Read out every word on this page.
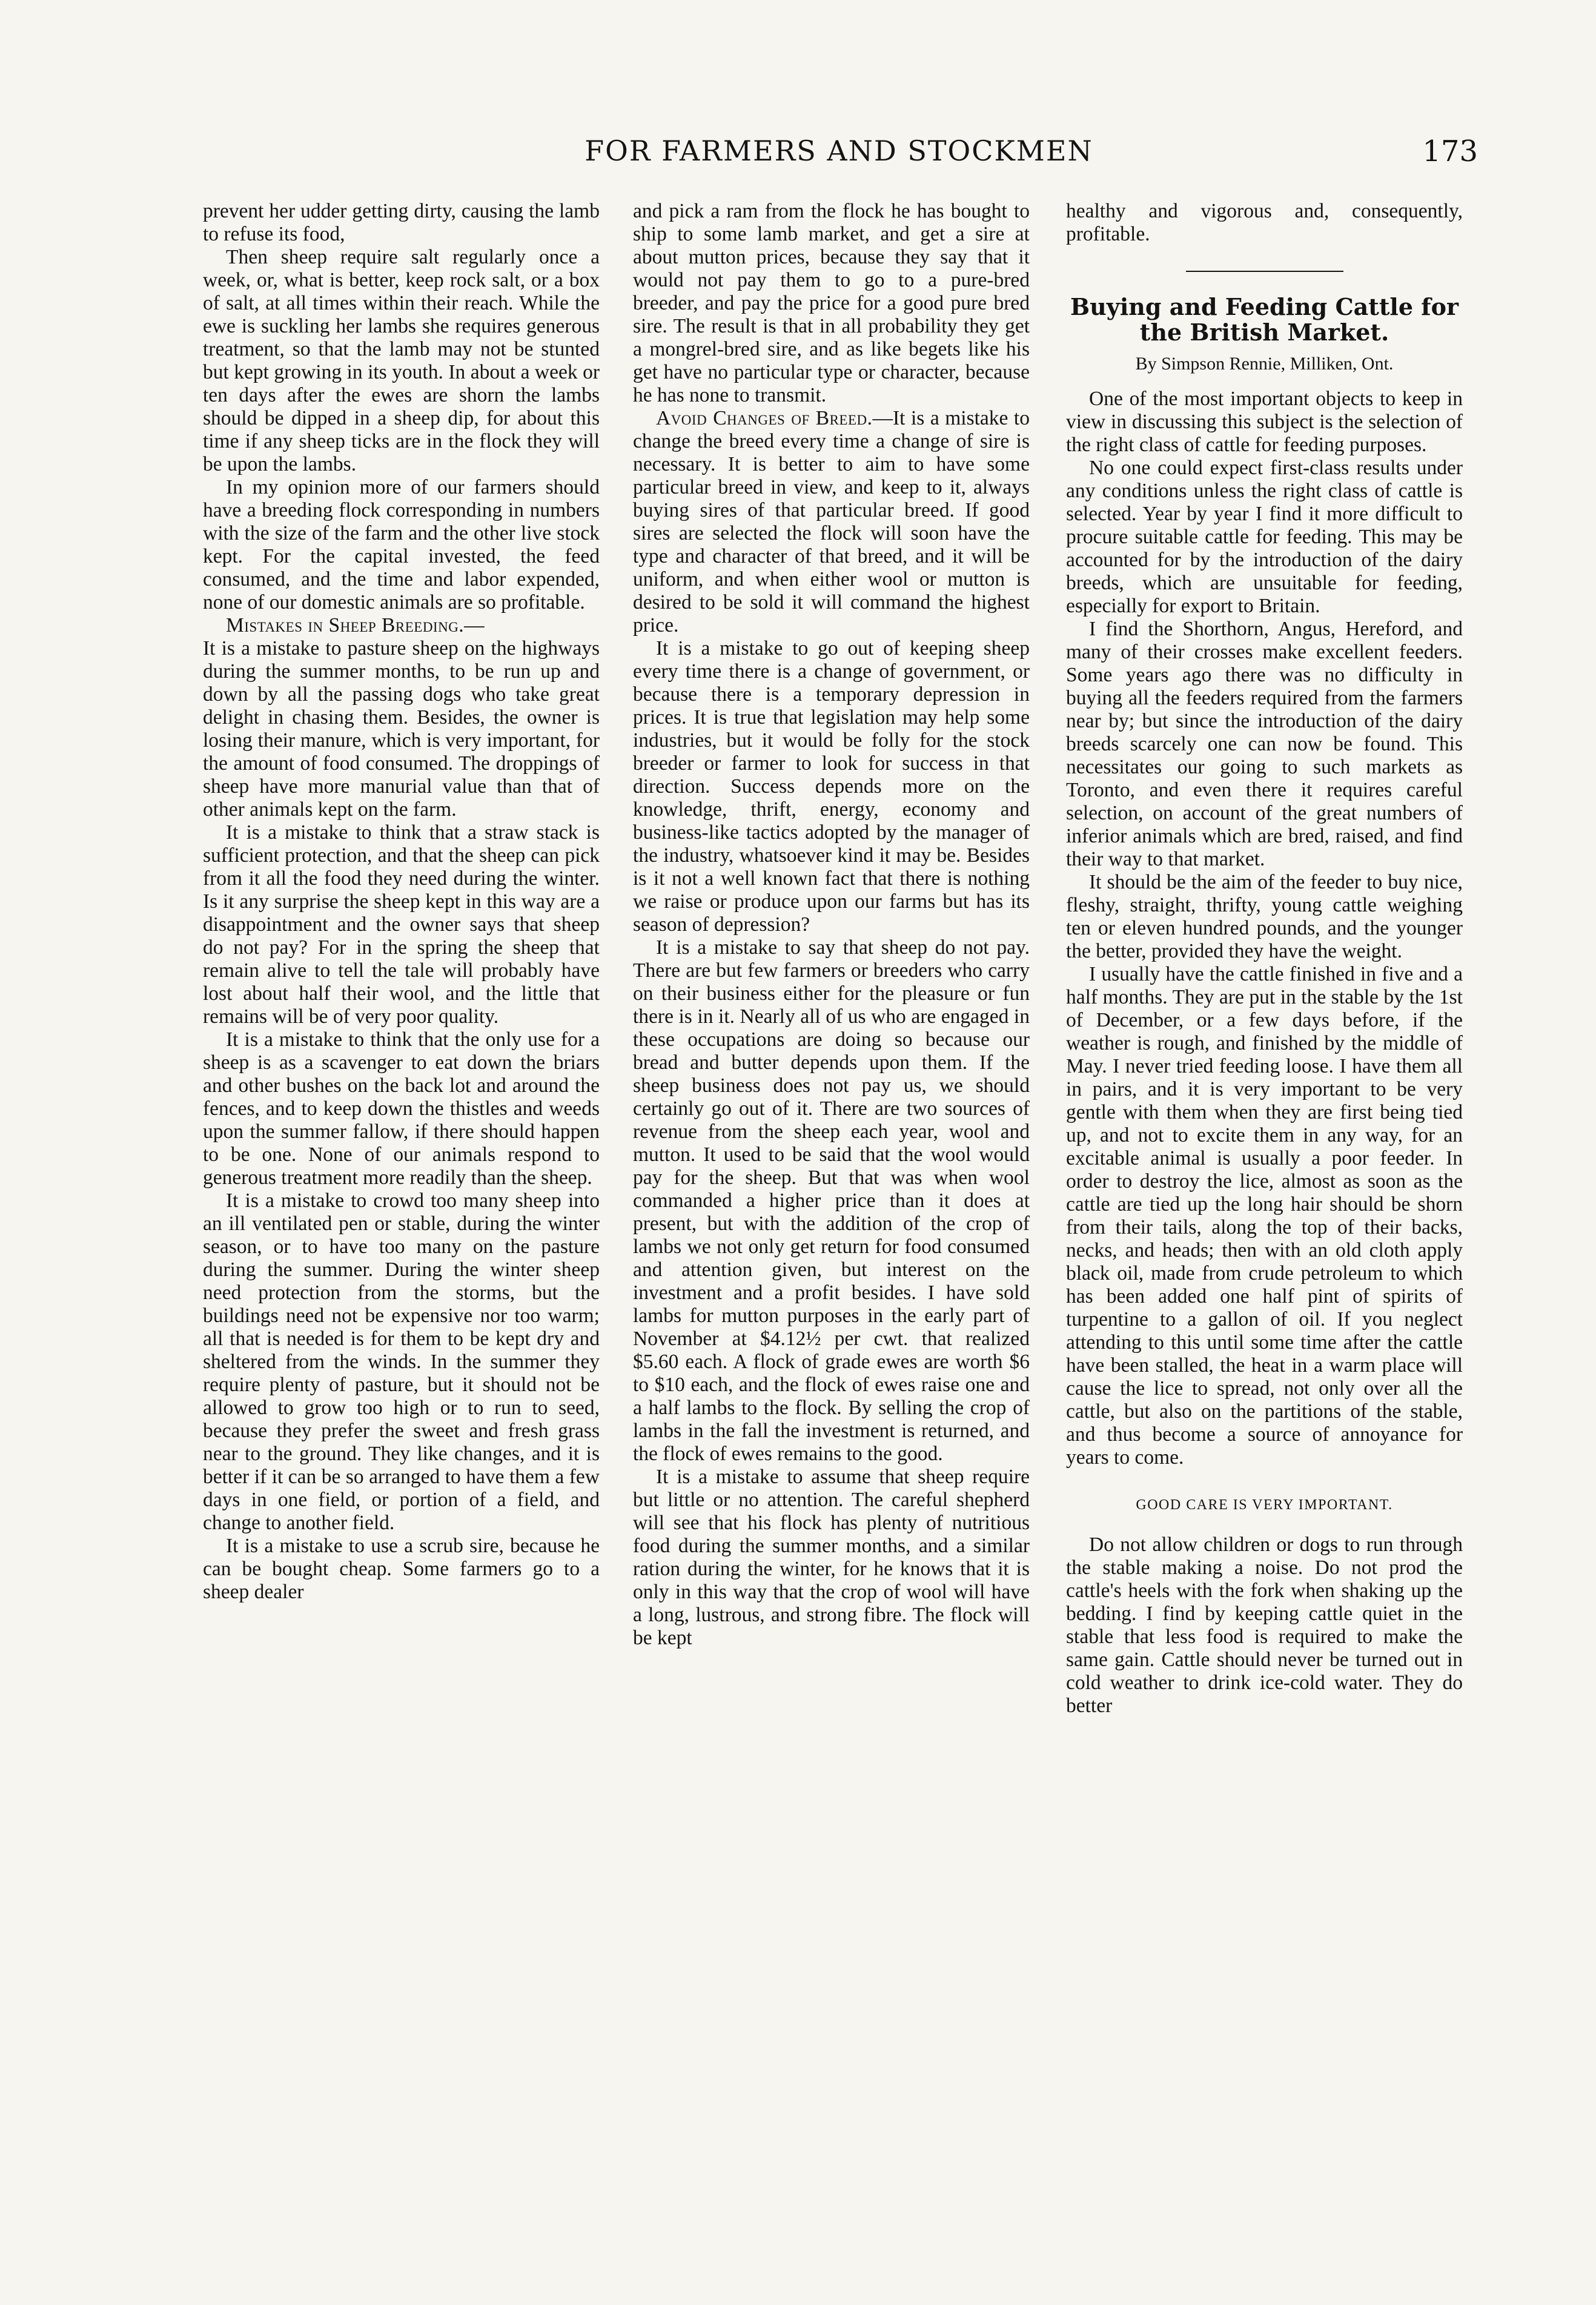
FOR FARMERS AND STOCKMEN	173

prevent her udder getting dirty, causing the lamb to refuse its food,

Then sheep require salt regularly once a week, or, what is better, keep rock salt, or a box of salt, at all times within their reach. While the ewe is suckling her lambs she requires generous treatment, so that the lamb may not be stunted but kept growing in its youth. In about a week or ten days after the ewes are shorn the lambs should be dipped in a sheep dip, for about this time if any sheep ticks are in the flock they will be upon the lambs.

In my opinion more of our farmers should have a breeding flock corresponding in numbers with the size of the farm and the other live stock kept. For the capital invested, the feed consumed, and the time and labor expended, none of our domestic animals are so profitable.

Mistakes in Sheep Breeding.—

It is a mistake to pasture sheep on the highways during the summer months, to be run up and down by all the passing dogs who take great delight in chasing them. Besides, the owner is losing their manure, which is very important, for the amount of food consumed. The droppings of sheep have more manurial value than that of other animals kept on the farm.

It is a mistake to think that a straw stack is sufficient protection, and that the sheep can pick from it all the food they need during the winter. Is it any surprise the sheep kept in this way are a disappointment and the owner says that sheep do not pay? For in the spring the sheep that remain alive to tell the tale will probably have lost about half their wool, and the little that remains will be of very poor quality.

It is a mistake to think that the only use for a sheep is as a scavenger to eat down the briars and other bushes on the back lot and around the fences, and to keep down the thistles and weeds upon the summer fallow, if there should happen to be one. None of our animals respond to generous treatment more readily than the sheep.

It is a mistake to crowd too many sheep into an ill ventilated pen or stable, during the winter season, or to have too many on the pasture during the summer. During the winter sheep need protection from the storms, but the buildings need not be expensive nor too warm; all that is needed is for them to be kept dry and sheltered from the winds. In the summer they require plenty of pasture, but it should not be allowed to grow too high or to run to seed, because they prefer the sweet and fresh grass near to the ground. They like changes, and it is better if it can be so arranged to have them a few days in one field, or portion of a field, and change to another field.

It is a mistake to use a scrub sire, because he can be bought cheap. Some farmers go to a sheep dealer

and pick a ram from the flock he has bought to ship to some lamb market, and get a sire at about mutton prices, because they say that it would not pay them to go to a pure-bred breeder, and pay the price for a good pure bred sire. The result is that in all probability they get a mongrel-bred sire, and as like begets like his get have no particular type or character, because he has none to transmit.

Avoid Changes of Breed.—It is a mistake to change the breed every time a change of sire is necessary. It is better to aim to have some particular breed in view, and keep to it, always buying sires of that particular breed. If good sires are selected the flock will soon have the type and character of that breed, and it will be uniform, and when either wool or mutton is desired to be sold it will command the highest price.

It is a mistake to go out of keeping sheep every time there is a change of government, or because there is a temporary depression in prices. It is true that legislation may help some industries, but it would be folly for the stock breeder or farmer to look for success in that direction. Success depends more on the knowledge, thrift, energy, economy and business-like tactics adopted by the manager of the industry, whatsoever kind it may be. Besides is it not a well known fact that there is nothing we raise or produce upon our farms but has its season of depression?

It is a mistake to say that sheep do not pay. There are but few farmers or breeders who carry on their business either for the pleasure or fun there is in it. Nearly all of us who are engaged in these occupations are doing so because our bread and butter depends upon them. If the sheep business does not pay us, we should certainly go out of it. There are two sources of revenue from the sheep each year, wool and mutton. It used to be said that the wool would pay for the sheep. But that was when wool commanded a higher price than it does at present, but with the addition of the crop of lambs we not only get return for food consumed and attention given, but interest on the investment and a profit besides. I have sold lambs for mutton purposes in the early part of November at $4.12½ per cwt. that realized $5.60 each. A flock of grade ewes are worth $6 to $10 each, and the flock of ewes raise one and a half lambs to the flock. By selling the crop of lambs in the fall the investment is returned, and the flock of ewes remains to the good.

It is a mistake to assume that sheep require but little or no attention. The careful shepherd will see that his flock has plenty of nutritious food during the summer months, and a similar ration during the winter, for he knows that it is only in this way that the crop of wool will have a long, lustrous, and strong fibre. The flock will be kept

healthy and vigorous and, consequently, profitable.

Buying and Feeding Cattle for the British Market.
By Simpson Rennie, Milliken, Ont.

One of the most important objects to keep in view in discussing this subject is the selection of the right class of cattle for feeding purposes.

No one could expect first-class results under any conditions unless the right class of cattle is selected. Year by year I find it more difficult to procure suitable cattle for feeding. This may be accounted for by the introduction of the dairy breeds, which are unsuitable for feeding, especially for export to Britain.

I find the Shorthorn, Angus, Hereford, and many of their crosses make excellent feeders. Some years ago there was no difficulty in buying all the feeders required from the farmers near by; but since the introduction of the dairy breeds scarcely one can now be found. This necessitates our going to such markets as Toronto, and even there it requires careful selection, on account of the great numbers of inferior animals which are bred, raised, and find their way to that market.

It should be the aim of the feeder to buy nice, fleshy, straight, thrifty, young cattle weighing ten or eleven hundred pounds, and the younger the better, provided they have the weight.

I usually have the cattle finished in five and a half months. They are put in the stable by the 1st of December, or a few days before, if the weather is rough, and finished by the middle of May. I never tried feeding loose. I have them all in pairs, and it is very important to be very gentle with them when they are first being tied up, and not to excite them in any way, for an excitable animal is usually a poor feeder. In order to destroy the lice, almost as soon as the cattle are tied up the long hair should be shorn from their tails, along the top of their backs, necks, and heads; then with an old cloth apply black oil, made from crude petroleum to which has been added one half pint of spirits of turpentine to a gallon of oil. If you neglect attending to this until some time after the cattle have been stalled, the heat in a warm place will cause the lice to spread, not only over all the cattle, but also on the partitions of the stable, and thus become a source of annoyance for years to come.

GOOD CARE IS VERY IMPORTANT.

Do not allow children or dogs to run through the stable making a noise. Do not prod the cattle's heels with the fork when shaking up the bedding. I find by keeping cattle quiet in the stable that less food is required to make the same gain. Cattle should never be turned out in cold weather to drink ice-cold water. They do better
